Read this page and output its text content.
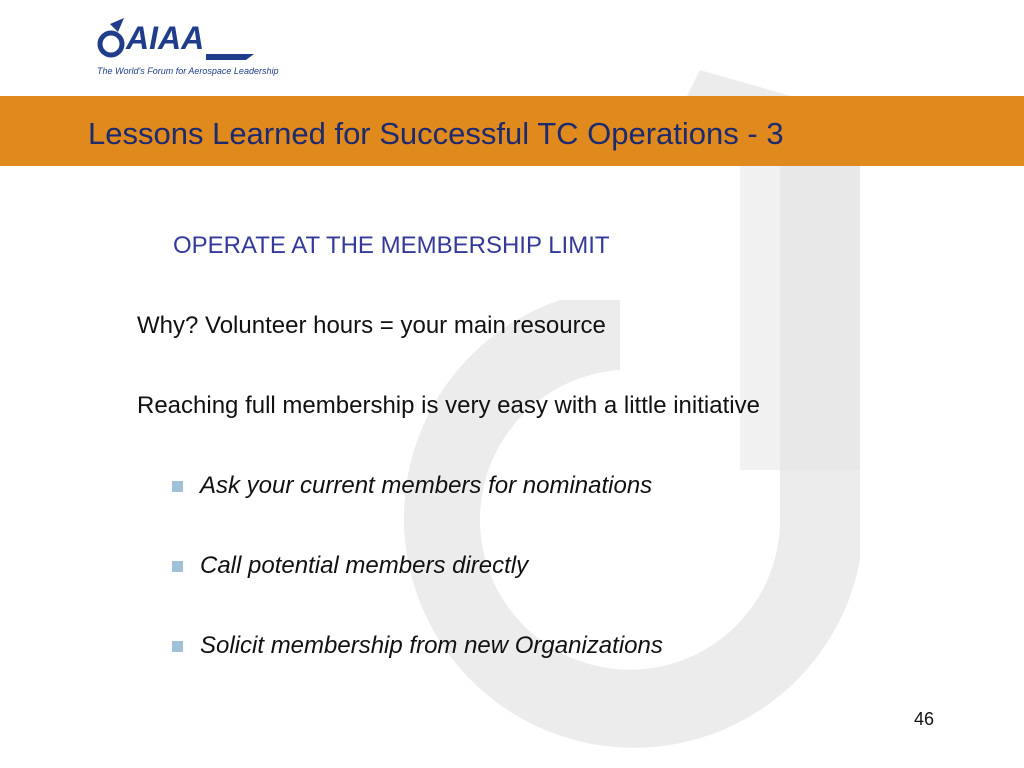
AIAA
The World's Forum for Aerospace Leadership
Lessons Learned for Successful TC Operations - 3
OPERATE AT THE MEMBERSHIP LIMIT
Why? Volunteer hours = your main resource
Reaching full membership is very easy with a little initiative
Ask your current members for nominations
Call potential members directly
Solicit membership from new Organizations
46
